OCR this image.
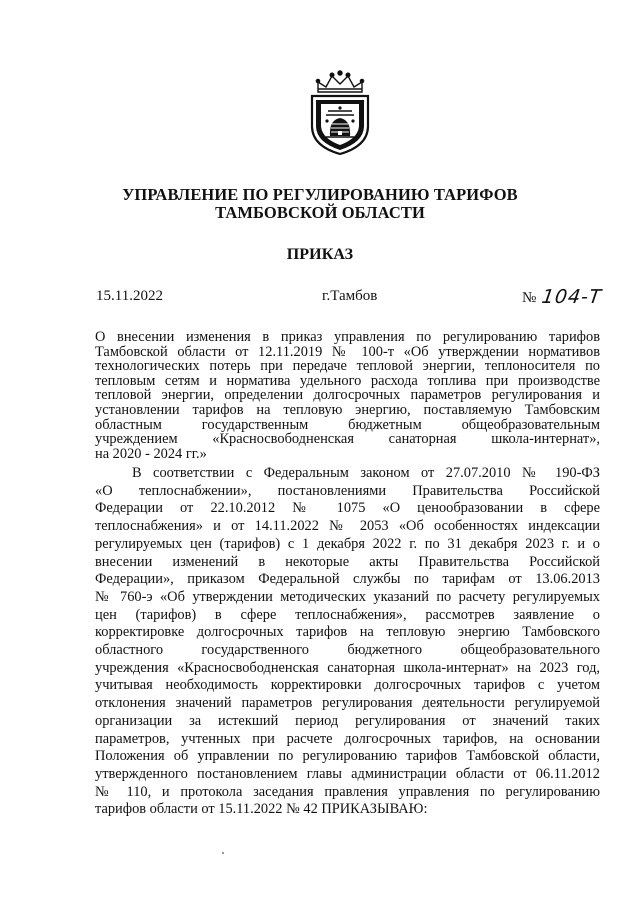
УПРАВЛЕНИЕ ПО РЕГУЛИРОВАНИЮ ТАРИФОВ
ТАМБОВСКОЙ ОБЛАСТИ
ПРИКАЗ
15.11.2022	г.Тамбов	№ 104-Т
О внесении изменения в приказ управления по регулированию тарифов
Тамбовской области от 12.11.2019 № 100-т «Об утверждении нормативов
технологических потерь при передаче тепловой энергии, теплоносителя по
тепловым сетям и норматива удельного расхода топлива при производстве
тепловой энергии, определении долгосрочных параметров регулирования и
установлении тарифов на тепловую энергию, поставляемую Тамбовским
областным государственным бюджетным общеобразовательным
учреждением «Красносвободненская санаторная школа-интернат»,
на 2020 - 2024 гг.»
В соответствии с Федеральным законом от 27.07.2010 № 190-ФЗ
«О теплоснабжении», постановлениями Правительства Российской
Федерации от 22.10.2012 № 1075 «О ценообразовании в сфере
теплоснабжения» и от 14.11.2022 № 2053 «Об особенностях индексации
регулируемых цен (тарифов) с 1 декабря 2022 г. по 31 декабря 2023 г. и о
внесении изменений в некоторые акты Правительства Российской
Федерации», приказом Федеральной службы по тарифам от 13.06.2013
№ 760-э «Об утверждении методических указаний по расчету регулируемых
цен (тарифов) в сфере теплоснабжения», рассмотрев заявление о
корректировке долгосрочных тарифов на тепловую энергию Тамбовского
областного государственного бюджетного общеобразовательного
учреждения «Красносвободненская санаторная школа-интернат» на 2023 год,
учитывая необходимость корректировки долгосрочных тарифов с учетом
отклонения значений параметров регулирования деятельности регулируемой
организации за истекший период регулирования от значений таких
параметров, учтенных при расчете долгосрочных тарифов, на основании
Положения об управлении по регулированию тарифов Тамбовской области,
утвержденного постановлением главы администрации области от 06.11.2012
№ 110, и протокола заседания правления управления по регулированию
тарифов области от 15.11.2022 № 42 ПРИКАЗЫВАЮ:
